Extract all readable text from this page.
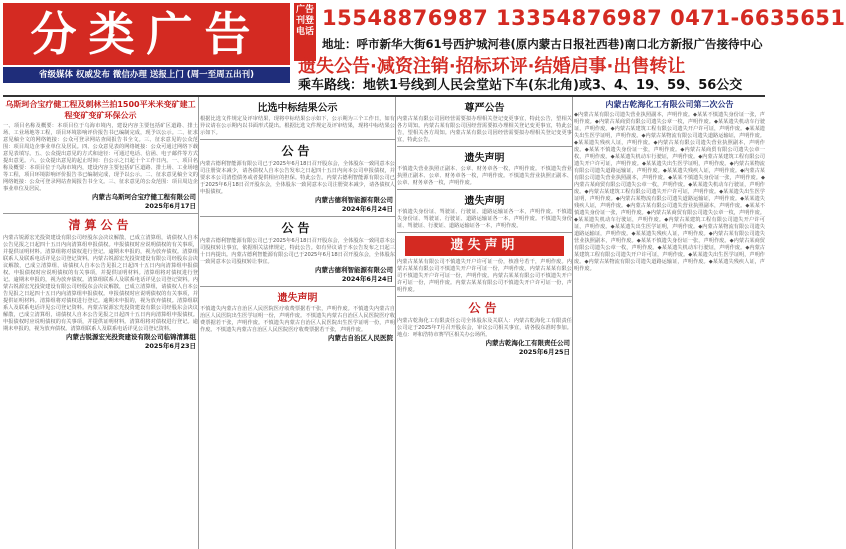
分类广告
省级媒体 权威发布 微信办理 送报上门 (周一至周五出刊)
广告刊登电话
15548876987 13354876987 0471-6635651
地址：呼市新华大街61号西护城河巷(原内蒙古日报社西巷)南口北方新报广告接待中心
遗失公告·减资注销·招标环评·结婚启事·出售转让
乘车路线：地铁1号线到人民会堂站下车(东北角)或3、4、19、59、56公交
乌斯珂合宝疗健工程及刺林兰拍1500平米米变矿建工程变矿变矿环保公示
一、项目名称及概要：本项目位于乌海市境内，建设内容主要包括矿区道路、排土场、工业场地等工程，项目环境影响评价报告书已编制完成，现予以公示。二、征求意见稿全文的网络链接：公众可登录网站查阅报告书全文。三、征求意见的公众范围：项目周边企事业单位及居民。四、公众意见表的网络链接：公众可通过网络下载意见表填写。五、公众提出意见的方式和途径：可通过电话、信函、电子邮件等方式提出意见。六、公众提出意见的起止时间：自公示之日起十个工作日内。一、项目名称及概要：本项目位于乌海市境内，建设内容主要包括矿区道路、排土场、工业场地等工程，项目环境影响评价报告书已编制完成，现予以公示。二、征求意见稿全文的网络链接：公众可登录网站查阅报告书全文。三、征求意见的公众范围：项目周边企事业单位及居民。
内蒙古乌斯珂合宝疗健工程有限公司
2025年6月17日
清算公告
内蒙古锐源宏光投资建设有限公司经股东会决议解散，已成立清算组，请债权人自本公告见报之日起四十五日内向清算组申报债权。申报债权时应说明债权的有关事项，并提供证明材料。清算组将对债权进行登记。逾期未申报的，视为放弃债权。清算组联系人及联系电话详见公司登记资料。内蒙古锐源宏光投资建设有限公司经股东会决议解散，已成立清算组，请债权人自本公告见报之日起四十五日内向清算组申报债权。申报债权时应说明债权的有关事项，并提供证明材料。清算组将对债权进行登记。逾期未申报的，视为放弃债权。清算组联系人及联系电话详见公司登记资料。内蒙古锐源宏光投资建设有限公司经股东会决议解散，已成立清算组，请债权人自本公告见报之日起四十五日内向清算组申报债权。申报债权时应说明债权的有关事项，并提供证明材料。清算组将对债权进行登记。逾期未申报的，视为放弃债权。清算组联系人及联系电话详见公司登记资料。内蒙古锐源宏光投资建设有限公司经股东会决议解散，已成立清算组，请债权人自本公告见报之日起四十五日内向清算组申报债权。申报债权时应说明债权的有关事项，并提供证明材料。清算组将对债权进行登记。逾期未申报的，视为放弃债权。清算组联系人及联系电话详见公司登记资料。
内蒙古锐源宏光投资建设有限公司临锦清算组
2025年6月23日
比选中标结果公示
根据比选文件规定及评审结果，现将中标结果公示如下，公示期为三个工作日，如有异议请在公示期内以书面形式提出。根据比选文件规定及评审结果，现将中标结果公示如下。
公告
内蒙古德利智能源有限公司已于2025年6月18日召开股东会，全体股东一致同意本公司注册资本减少，请各债权人自本公告发布之日起四十五日内向本公司申报债权，并要求本公司清偿债务或者提供相应的担保。特此公告。内蒙古德利智能源有限公司已于2025年6月18日召开股东会，全体股东一致同意本公司注册资本减少，请各债权人申报债权。
内蒙古德利智能源有限公司
2024年6月24日
公告
内蒙古德利智能源有限公司已于2025年6月18日召开股东会，全体股东一致同意本公司股权转让事宜，依据相关法律规定，特此公告。如有异议请于本公告发布之日起三十日内提出。内蒙古德利智能源有限公司已于2025年6月18日召开股东会，全体股东一致同意本公司股权转让事宜。
内蒙古德利智能源有限公司
2024年6月24日
遗失声明
不慎遗失内蒙古自治区人民医院医疗收费票据若干张，声明作废。不慎遗失内蒙古自治区人民医院出生医学证明一份，声明作废。不慎遗失内蒙古自治区人民医院医疗收费票据若干张，声明作废。不慎遗失内蒙古自治区人民医院出生医学证明一份，声明作废。不慎遗失内蒙古自治区人民医院医疗收费票据若干张，声明作废。
内蒙古自治区人民医院
尊严公告
内蒙古某有限公司因经营需要拟办理相关登记变更事宜，特此公告，望相关各方周知。内蒙古某有限公司因经营需要拟办理相关登记变更事宜，特此公告，望相关各方周知。内蒙古某有限公司因经营需要拟办理相关登记变更事宜，特此公告。
遗失声明
不慎遗失营业执照正副本、公章、财务章各一枚，声明作废。不慎遗失营业执照正副本、公章、财务章各一枚，声明作废。不慎遗失营业执照正副本、公章、财务章各一枚，声明作废。
遗失声明
不慎遗失身份证、驾驶证、行驶证、道路运输证各一本，声明作废。不慎遗失身份证、驾驶证、行驶证、道路运输证各一本，声明作废。不慎遗失身份证、驾驶证、行驶证、道路运输证各一本，声明作废。
遗失声明
内蒙古某某有限公司不慎遗失开户许可证一份，核准号若干，声明作废。内蒙古某某有限公司不慎遗失开户许可证一份，声明作废。内蒙古某某有限公司不慎遗失开户许可证一份，声明作废。内蒙古某某有限公司不慎遗失开户许可证一份，声明作废。内蒙古某某有限公司不慎遗失开户许可证一份，声明作废。
公告
内蒙古乾海化工有限责任公司全体股东及关联人：内蒙古乾海化工有限责任公司定于2025年7月召开股东会，审议公司相关事宜，请各股东准时参加。地点：呼和浩特市赛罕区相关办公场所。
内蒙古乾海化工有限责任公司
2025年6月25日
内蒙古乾海化工有限公司第二次公告
◆内蒙古某有限公司遗失营业执照副本，声明作废。◆某某不慎遗失身份证一张，声明作废。◆内蒙古某商贸有限公司遗失公章一枚，声明作废。◆某某遗失机动车行驶证，声明作废。◆内蒙古某建筑工程有限公司遗失开户许可证，声明作废。◆某某遗失出生医学证明，声明作废。◆内蒙古某物流有限公司遗失道路运输证，声明作废。◆某某遗失残疾人证，声明作废。◆内蒙古某有限公司遗失营业执照副本，声明作废。◆某某不慎遗失身份证一张，声明作废。◆内蒙古某商贸有限公司遗失公章一枚，声明作废。◆某某遗失机动车行驶证，声明作废。◆内蒙古某建筑工程有限公司遗失开户许可证，声明作废。◆某某遗失出生医学证明，声明作废。◆内蒙古某物流有限公司遗失道路运输证，声明作废。◆某某遗失残疾人证，声明作废。◆内蒙古某有限公司遗失营业执照副本，声明作废。◆某某不慎遗失身份证一张，声明作废。◆内蒙古某商贸有限公司遗失公章一枚，声明作废。◆某某遗失机动车行驶证，声明作废。◆内蒙古某建筑工程有限公司遗失开户许可证，声明作废。◆某某遗失出生医学证明，声明作废。◆内蒙古某物流有限公司遗失道路运输证，声明作废。◆某某遗失残疾人证，声明作废。◆内蒙古某有限公司遗失营业执照副本，声明作废。◆某某不慎遗失身份证一张，声明作废。◆内蒙古某商贸有限公司遗失公章一枚，声明作废。◆某某遗失机动车行驶证，声明作废。◆内蒙古某建筑工程有限公司遗失开户许可证，声明作废。◆某某遗失出生医学证明，声明作废。◆内蒙古某物流有限公司遗失道路运输证，声明作废。◆某某遗失残疾人证，声明作废。◆内蒙古某有限公司遗失营业执照副本，声明作废。◆某某不慎遗失身份证一张，声明作废。◆内蒙古某商贸有限公司遗失公章一枚，声明作废。◆某某遗失机动车行驶证，声明作废。◆内蒙古某建筑工程有限公司遗失开户许可证，声明作废。◆某某遗失出生医学证明，声明作废。◆内蒙古某物流有限公司遗失道路运输证，声明作废。◆某某遗失残疾人证，声明作废。
